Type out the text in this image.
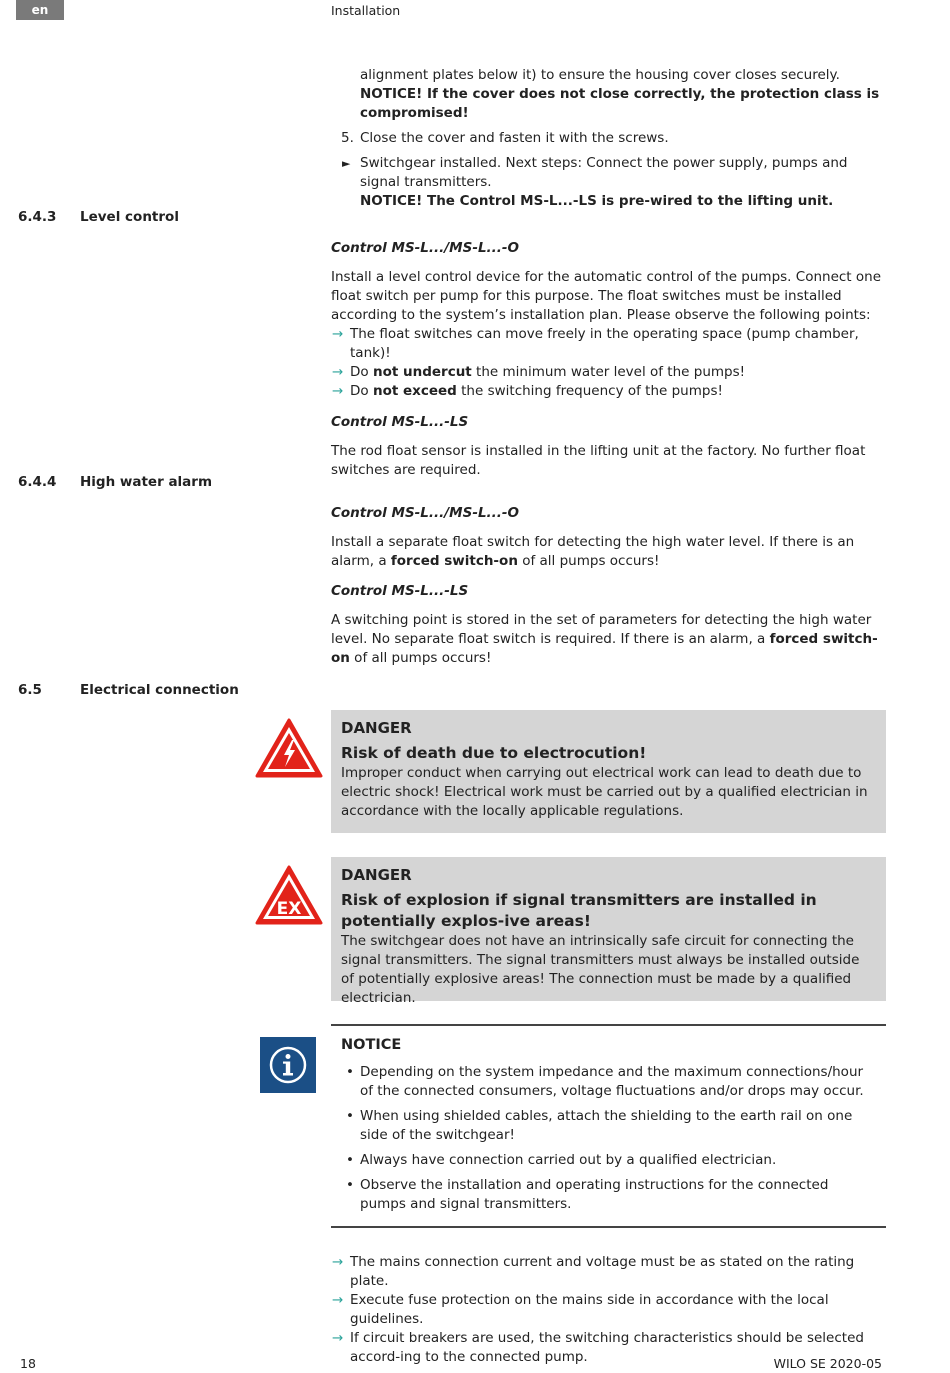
en	Installation

alignment plates below it) to ensure the housing cover closes securely. NOTICE! If the cover does not close correctly, the protection class is compromised!

5. Close the cover and fasten it with the screws.
► Switchgear installed. Next steps: Connect the power supply, pumps and signal transmitters.
NOTICE! The Control MS-L...-LS is pre-wired to the lifting unit.
6.4.3 Level control

Control MS-L.../MS-L...-O

Install a level control device for the automatic control of the pumps. Connect one float switch per pump for this purpose. The float switches must be installed according to the system’s installation plan. Please observe the following points:

→ The float switches can move freely in the operating space (pump chamber, tank)!
→ Do not undercut the minimum water level of the pumps!
→ Do not exceed the switching frequency of the pumps!

Control MS-L...-LS

The rod float sensor is installed in the lifting unit at the factory. No further float switches are required.

6.4.4 High water alarm

Control MS-L.../MS-L...-O

Install a separate float switch for detecting the high water level. If there is an alarm, a forced switch-on of all pumps occurs!

Control MS-L...-LS

A switching point is stored in the set of parameters for detecting the high water level. No separate float switch is required. If there is an alarm, a forced switch-on of all pumps occurs!

6.5	Electrical connection

DANGER

Risk of death due to electrocution!

Improper conduct when carrying out electrical work can lead to death due to electric shock! Electrical work must be carried out by a qualified electrician in accordance with the locally applicable regulations.

EX

DANGER

Risk of explosion if signal transmitters are installed in potentially explos-ive areas!

The switchgear does not have an intrinsically safe circuit for connecting the signal transmitters. The signal transmitters must always be installed outside of potentially explosive areas! The connection must be made by a qualified electrician.

NOTICE

• Depending on the system impedance and the maximum connections/hour of the connected consumers, voltage fluctuations and/or drops may occur.
• When using shielded cables, attach the shielding to the earth rail on one side of the switchgear!
• Always have connection carried out by a qualified electrician.
• Observe the installation and operating instructions for the connected pumps and signal transmitters.
→ The mains connection current and voltage must be as stated on the rating plate.
→ Execute fuse protection on the mains side in accordance with the local guidelines.
→ If circuit breakers are used, the switching characteristics should be selected accord-ing to the connected pump.
18	WILO SE 2020-05
